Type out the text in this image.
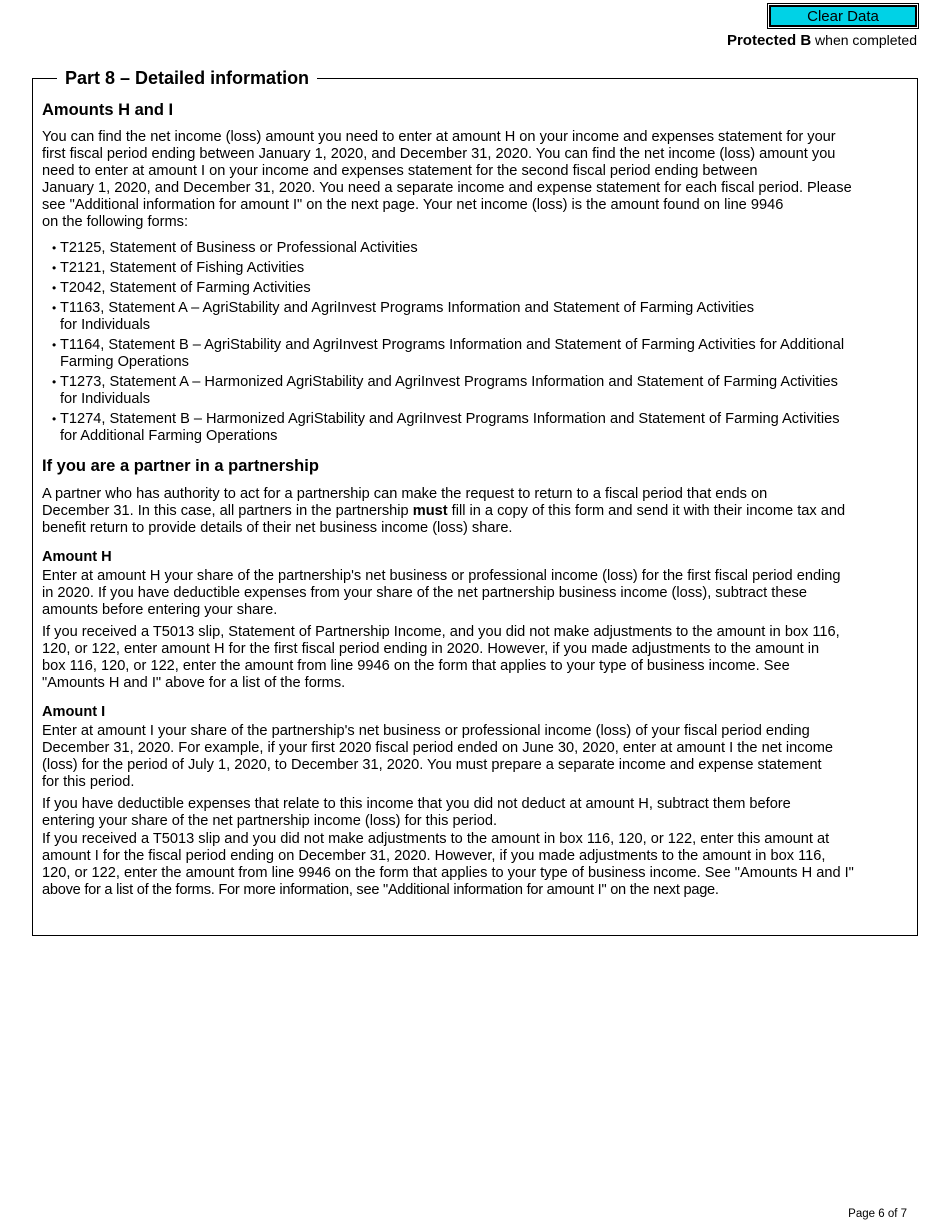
Clear Data
Protected B when completed
Part 8 – Detailed information
Amounts H and I

You can find the net income (loss) amount you need to enter at amount H on your income and expenses statement for your
first fiscal period ending between January 1, 2020, and December 31, 2020. You can find the net income (loss) amount you
need to enter at amount I on your income and expenses statement for the second fiscal period ending between
January 1, 2020, and December 31, 2020. You need a separate income and expense statement for each fiscal period. Please
see "Additional information for amount I" on the next page. Your net income (loss) is the amount found on line 9946
on the following forms:

• T2125, Statement of Business or Professional Activities
• T2121, Statement of Fishing Activities
• T2042, Statement of Farming Activities
• T1163, Statement A – AgriStability and AgriInvest Programs Information and Statement of Farming Activities
for Individuals
• T1164, Statement B – AgriStability and AgriInvest Programs Information and Statement of Farming Activities for Additional
Farming Operations
• T1273, Statement A – Harmonized AgriStability and AgriInvest Programs Information and Statement of Farming Activities
for Individuals
• T1274, Statement B – Harmonized AgriStability and AgriInvest Programs Information and Statement of Farming Activities
for Additional Farming Operations
If you are a partner in a partnership

A partner who has authority to act for a partnership can make the request to return to a fiscal period that ends on
December 31. In this case, all partners in the partnership must fill in a copy of this form and send it with their income tax and
benefit return to provide details of their net business income (loss) share.

Amount H

Enter at amount H your share of the partnership's net business or professional income (loss) for the first fiscal period ending
in 2020. If you have deductible expenses from your share of the net partnership business income (loss), subtract these
amounts before entering your share.

If you received a T5013 slip, Statement of Partnership Income, and you did not make adjustments to the amount in box 116,
120, or 122, enter amount H for the first fiscal period ending in 2020. However, if you made adjustments to the amount in
box 116, 120, or 122, enter the amount from line 9946 on the form that applies to your type of business income. See
"Amounts H and I" above for a list of the forms.

Amount I

Enter at amount I your share of the partnership's net business or professional income (loss) of your fiscal period ending
December 31, 2020. For example, if your first 2020 fiscal period ended on June 30, 2020, enter at amount I the net income
(loss) for the period of July 1, 2020, to December 31, 2020. You must prepare a separate income and expense statement
for this period.

If you have deductible expenses that relate to this income that you did not deduct at amount H, subtract them before
entering your share of the net partnership income (loss) for this period.

If you received a T5013 slip and you did not make adjustments to the amount in box 116, 120, or 122, enter this amount at
amount I for the fiscal period ending on December 31, 2020. However, if you made adjustments to the amount in box 116,
120, or 122, enter the amount from line 9946 on the form that applies to your type of business income. See "Amounts H and I"
above for a list of the forms. For more information, see "Additional information for amount I" on the next page.

Page 6 of 7
